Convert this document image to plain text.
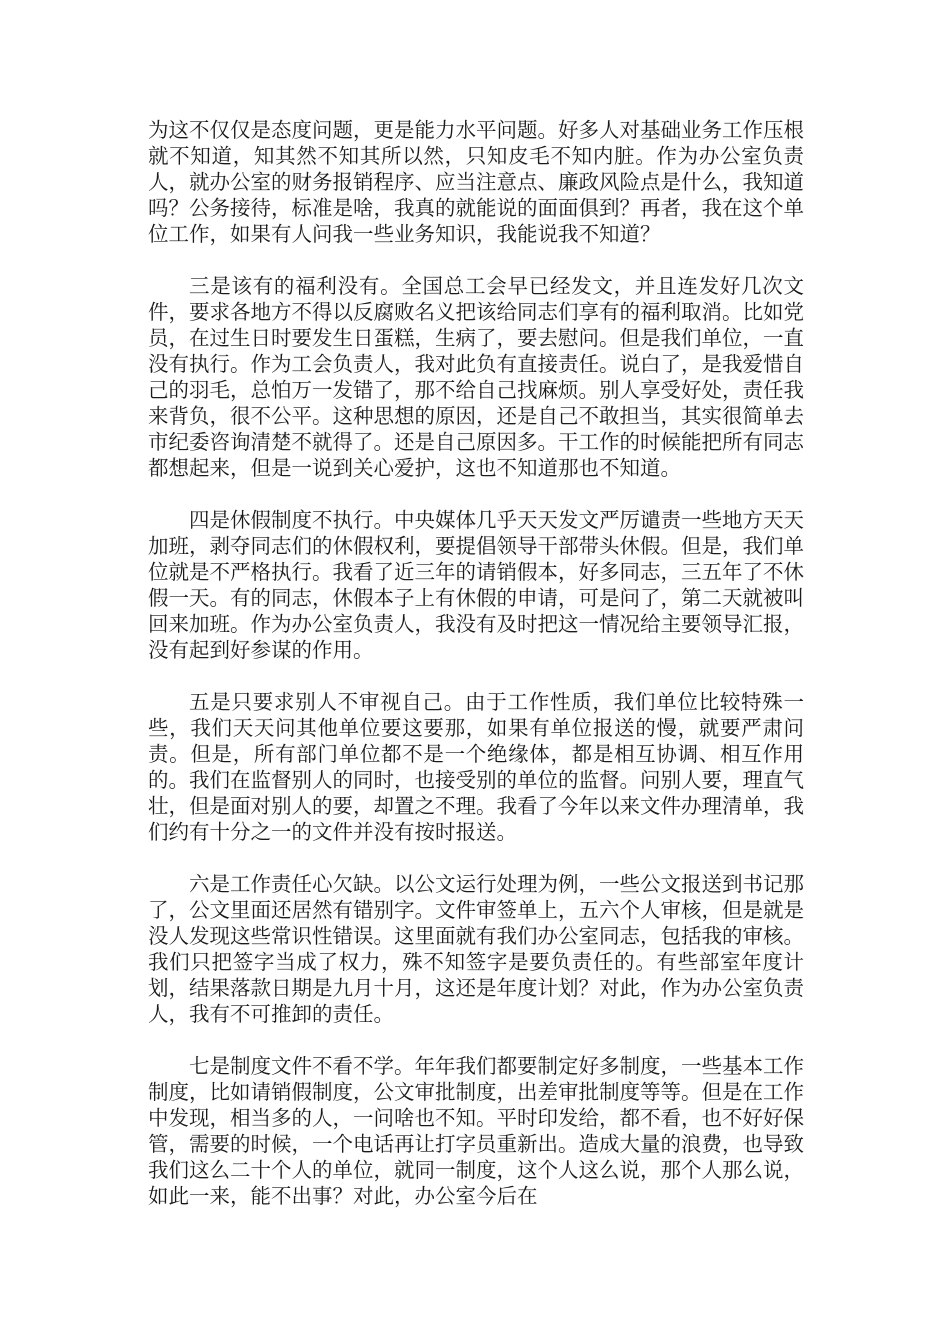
为这不仅仅是态度问题，更是能力水平问题。好多人对基础业务工作压根就不知道，知其然不知其所以然，只知皮毛不知内脏。作为办公室负责人，就办公室的财务报销程序、应当注意点、廉政风险点是什么，我知道吗？公务接待，标准是啥，我真的就能说的面面俱到？再者，我在这个单位工作，如果有人问我一些业务知识，我能说我不知道？

三是该有的福利没有。全国总工会早已经发文，并且连发好几次文件，要求各地方不得以反腐败名义把该给同志们享有的福利取消。比如党员，在过生日时要发生日蛋糕，生病了，要去慰问。但是我们单位，一直没有执行。作为工会负责人，我对此负有直接责任。说白了，是我爱惜自己的羽毛，总怕万一发错了，那不给自己找麻烦。别人享受好处，责任我来背负，很不公平。这种思想的原因，还是自己不敢担当，其实很简单去市纪委咨询清楚不就得了。还是自己原因多。干工作的时候能把所有同志都想起来，但是一说到关心爱护，这也不知道那也不知道。

四是休假制度不执行。中央媒体几乎天天发文严厉谴责一些地方天天加班，剥夺同志们的休假权利，要提倡领导干部带头休假。但是，我们单位就是不严格执行。我看了近三年的请销假本，好多同志，三五年了不休假一天。有的同志，休假本子上有休假的申请，可是问了，第二天就被叫回来加班。作为办公室负责人，我没有及时把这一情况给主要领导汇报，没有起到好参谋的作用。

五是只要求别人不审视自己。由于工作性质，我们单位比较特殊一些，我们天天问其他单位要这要那，如果有单位报送的慢，就要严肃问责。但是，所有部门单位都不是一个绝缘体，都是相互协调、相互作用的。我们在监督别人的同时，也接受别的单位的监督。问别人要，理直气壮，但是面对别人的要，却置之不理。我看了今年以来文件办理清单，我们约有十分之一的文件并没有按时报送。

六是工作责任心欠缺。以公文运行处理为例，一些公文报送到书记那了，公文里面还居然有错别字。文件审签单上，五六个人审核，但是就是没人发现这些常识性错误。这里面就有我们办公室同志，包括我的审核。我们只把签字当成了权力，殊不知签字是要负责任的。有些部室年度计划，结果落款日期是九月十月，这还是年度计划？对此，作为办公室负责人，我有不可推卸的责任。

七是制度文件不看不学。年年我们都要制定好多制度，一些基本工作制度，比如请销假制度，公文审批制度，出差审批制度等等。但是在工作中发现，相当多的人，一问啥也不知。平时印发给，都不看，也不好好保管，需要的时候，一个电话再让打字员重新出。造成大量的浪费，也导致我们这么二十个人的单位，就同一制度，这个人这么说，那个人那么说，如此一来，能不出事？对此，办公室今后在
